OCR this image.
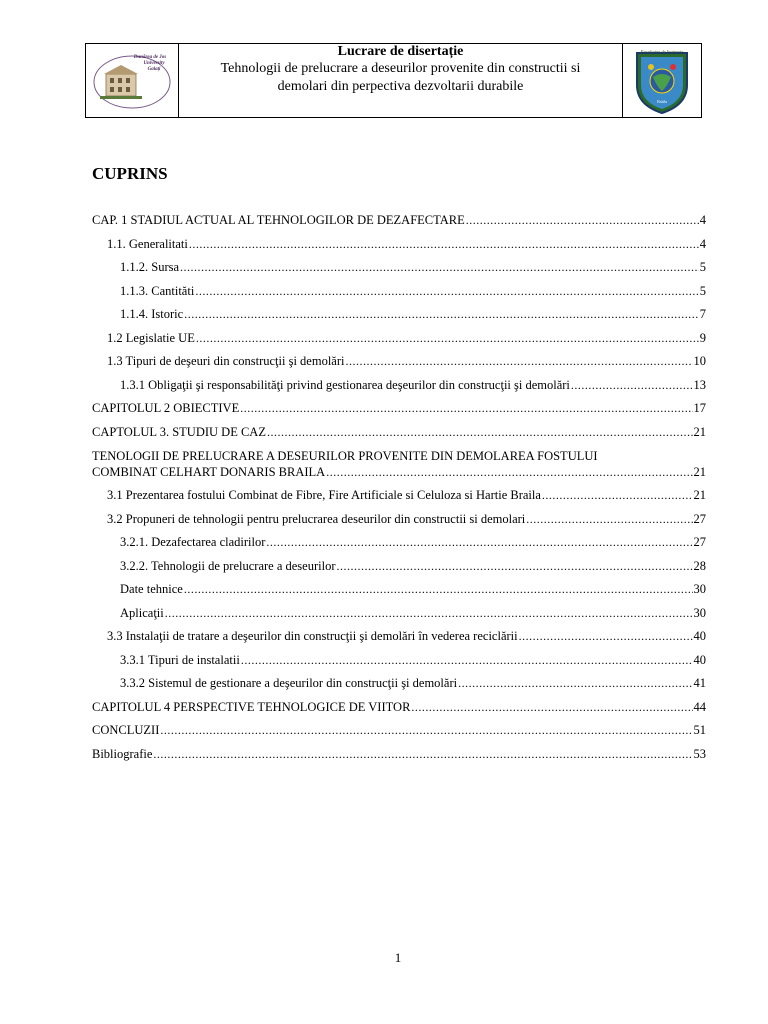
Dunărea de Jos
University
Galați
Lucrare de disertație
Tehnologii de prelucrare a deseurilor provenite din constructii si
demolari din perpectiva dezvoltarii durabile
Facultatea de Inginerie
Brăila
CUPRINS
CAP. 1 STADIUL ACTUAL AL TEHNOLOGILOR DE DEZAFECTARE .....	4
1.1. Generalitati .....	4
1.1.2. Sursa .....	5
1.1.3. Cantităti .....	5
1.1.4. Istoric .....	7
1.2 Legislatie UE .....	9
1.3 Tipuri de deşeuri din construcţii şi demolări .....	10
1.3.1 Obligaţii şi responsabilităţi privind gestionarea deşeurilor din construcţii şi demolări .....	13
CAPITOLUL 2 OBIECTIVE .....	17
CAPTOLUL 3. STUDIU DE CAZ .....	21
TENOLOGII DE PRELUCRARE A DESEURILOR PROVENITE DIN DEMOLAREA FOSTULUI
COMBINAT CELHART DONARIS BRAILA .....	21
3.1 Prezentarea fostului Combinat de Fibre, Fire Artificiale si Celuloza si Hartie Braila .....	21
3.2 Propuneri de tehnologii pentru prelucrarea deseurilor din constructii si demolari .....	27
3.2.1. Dezafectarea cladirilor .....	27
3.2.2. Tehnologii de prelucrare a deseurilor .....	28
Date tehnice .....	30
Aplicaţii .....	30
3.3 Instalaţii de tratare a deşeurilor din construcţii şi demolări în vederea reciclării .....	40
3.3.1 Tipuri de instalatii .....	40
3.3.2 Sistemul de gestionare a deşeurilor din construcţii şi demolări .....	41
CAPITOLUL 4 PERSPECTIVE TEHNOLOGICE DE VIITOR .....	44
CONCLUZII .....	51
Bibliografie .....	53
1
